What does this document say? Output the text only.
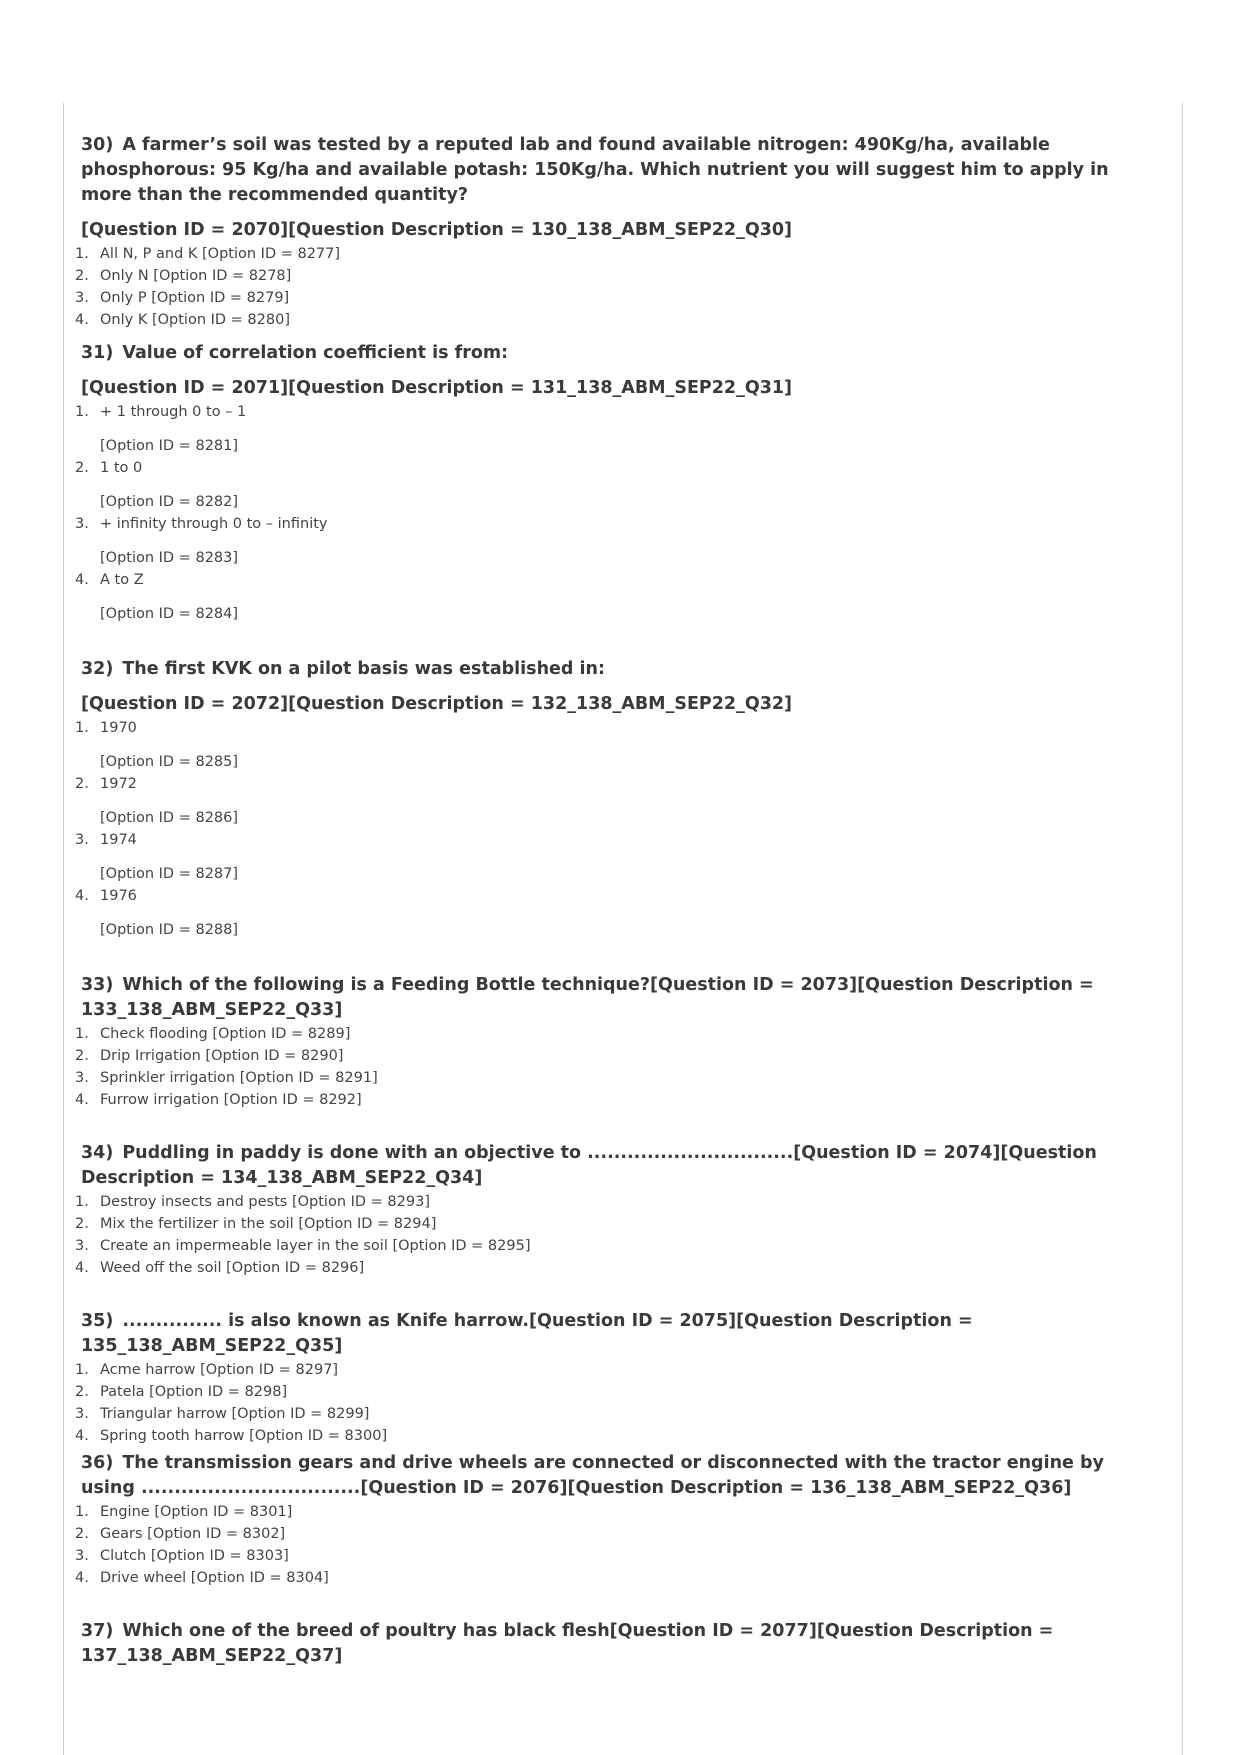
30) A farmer’s soil was tested by a reputed lab and found available nitrogen: 490Kg/ha, available phosphorous: 95 Kg/ha and available potash: 150Kg/ha. Which nutrient you will suggest him to apply in more than the recommended quantity?

[Question ID = 2070][Question Description = 130_138_ABM_SEP22_Q30]

1. All N, P and K [Option ID = 8277]
2. Only N [Option ID = 8278]
3. Only P [Option ID = 8279]
4. Only K [Option ID = 8280]

31) Value of correlation coefficient is from:

[Question ID = 2071][Question Description = 131_138_ABM_SEP22_Q31]

1. + 1 through 0 to – 1
[Option ID = 8281]
2. 1 to 0
[Option ID = 8282]
3. + infinity through 0 to – infinity
[Option ID = 8283]
4. A to Z
[Option ID = 8284]

32) The first KVK on a pilot basis was established in:

[Question ID = 2072][Question Description = 132_138_ABM_SEP22_Q32]

1. 1970
[Option ID = 8285]
2. 1972
[Option ID = 8286]
3. 1974
[Option ID = 8287]
4. 1976
[Option ID = 8288]

33) Which of the following is a Feeding Bottle technique?[Question ID = 2073][Question Description = 133_138_ABM_SEP22_Q33]

1. Check flooding [Option ID = 8289]
2. Drip Irrigation [Option ID = 8290]
3. Sprinkler irrigation [Option ID = 8291]
4. Furrow irrigation [Option ID = 8292]

34) Puddling in paddy is done with an objective to ...............................[Question ID = 2074][Question Description = 134_138_ABM_SEP22_Q34]

1. Destroy insects and pests [Option ID = 8293]
2. Mix the fertilizer in the soil [Option ID = 8294]
3. Create an impermeable layer in the soil [Option ID = 8295]
4. Weed off the soil [Option ID = 8296]

35) ............... is also known as Knife harrow.[Question ID = 2075][Question Description = 135_138_ABM_SEP22_Q35]

1. Acme harrow [Option ID = 8297]
2. Patela [Option ID = 8298]
3. Triangular harrow [Option ID = 8299]
4. Spring tooth harrow [Option ID = 8300]

36) The transmission gears and drive wheels are connected or disconnected with the tractor engine by using .................................[Question ID = 2076][Question Description = 136_138_ABM_SEP22_Q36]

1. Engine [Option ID = 8301]
2. Gears [Option ID = 8302]
3. Clutch [Option ID = 8303]
4. Drive wheel [Option ID = 8304]

37) Which one of the breed of poultry has black flesh[Question ID = 2077][Question Description = 137_138_ABM_SEP22_Q37]
